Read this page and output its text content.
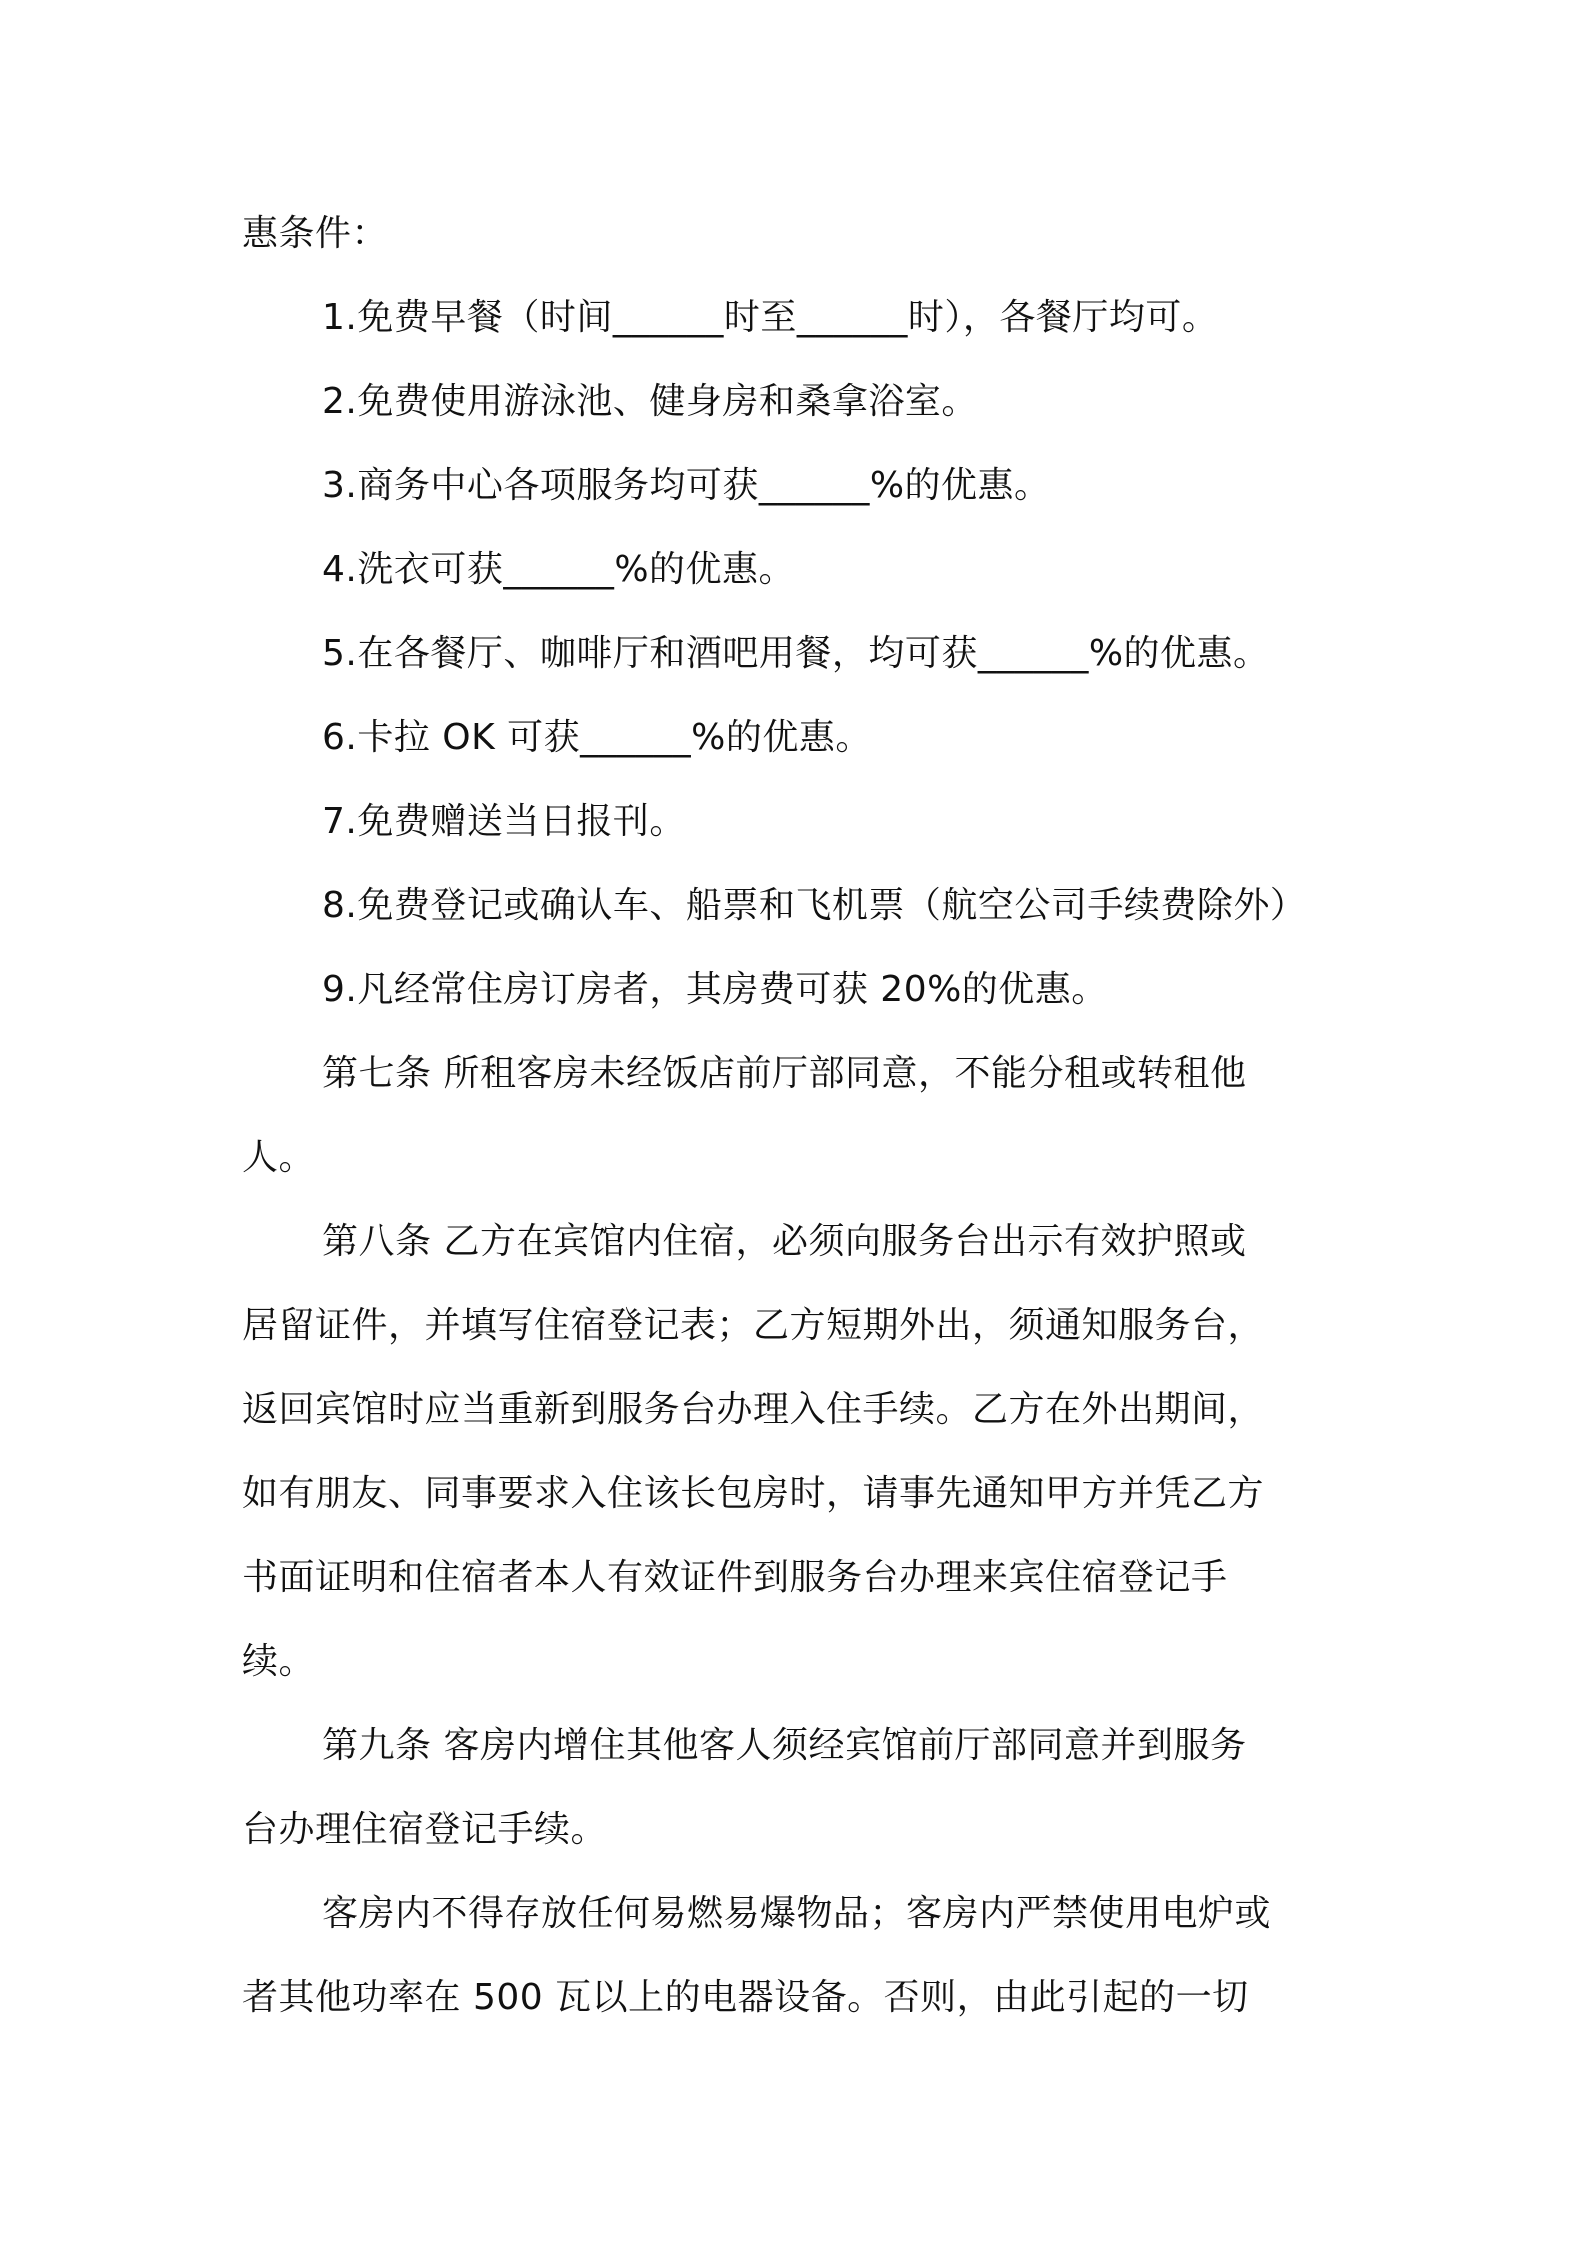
惠条件：
1.免费早餐（时间______时至______时），各餐厅均可。
2.免费使用游泳池、健身房和桑拿浴室。
3.商务中心各项服务均可获______%的优惠。
4.洗衣可获______%的优惠。
5.在各餐厅、咖啡厅和酒吧用餐，均可获______%的优惠。
6.卡拉 OK 可获______%的优惠。
7.免费赠送当日报刊。
8.免费登记或确认车、船票和飞机票（航空公司手续费除外）
9.凡经常住房订房者，其房费可获 20%的优惠。
第七条 所租客房未经饭店前厅部同意，不能分租或转租他
人。
第八条 乙方在宾馆内住宿，必须向服务台出示有效护照或
居留证件，并填写住宿登记表；乙方短期外出，须通知服务台，
返回宾馆时应当重新到服务台办理入住手续。乙方在外出期间，
如有朋友、同事要求入住该长包房时，请事先通知甲方并凭乙方
书面证明和住宿者本人有效证件到服务台办理来宾住宿登记手
续。
第九条 客房内增住其他客人须经宾馆前厅部同意并到服务
台办理住宿登记手续。
客房内不得存放任何易燃易爆物品；客房内严禁使用电炉或
者其他功率在 500 瓦以上的电器设备。否则，由此引起的一切
